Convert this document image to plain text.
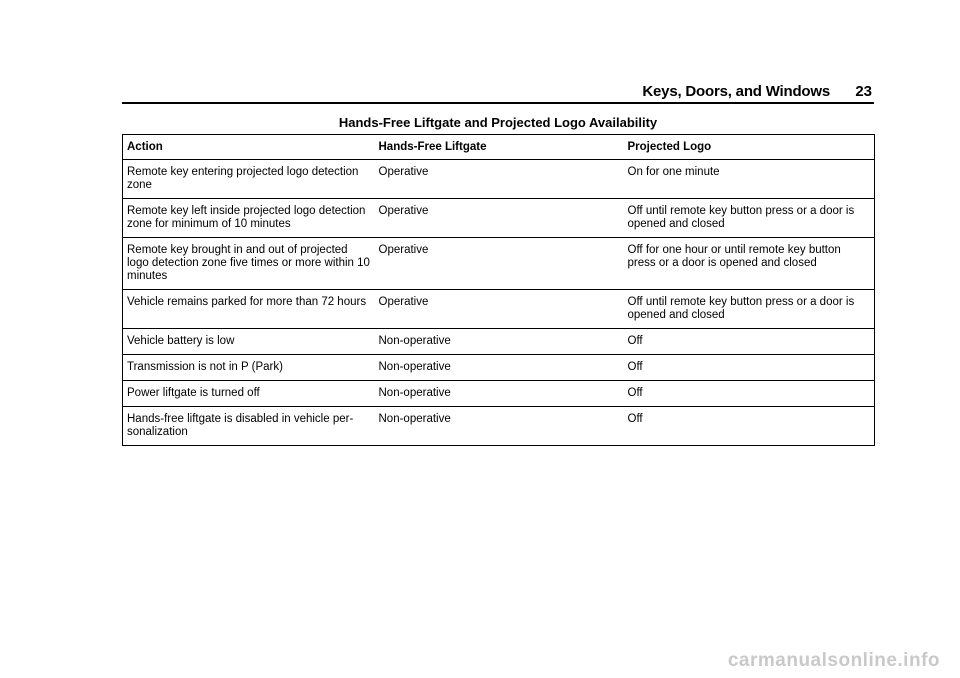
Keys, Doors, and Windows 23
Hands-Free Liftgate and Projected Logo Availability
Action	Hands-Free Liftgate	Projected Logo
Remote key entering projected logo detection zone	Operative	On for one minute
Remote key left inside projected logo detection zone for minimum of 10 minutes	Operative	Off until remote key button press or a door is opened and closed
Remote key brought in and out of projected logo detection zone five times or more within 10 minutes	Operative	Off for one hour or until remote key button press or a door is opened and closed
Vehicle remains parked for more than 72 hours	Operative	Off until remote key button press or a door is opened and closed
Vehicle battery is low	Non-operative	Off
Transmission is not in P (Park)	Non-operative	Off
Power liftgate is turned off	Non-operative	Off
Hands-free liftgate is disabled in vehicle per-sonalization	Non-operative	Off
carmanualsonline.info
